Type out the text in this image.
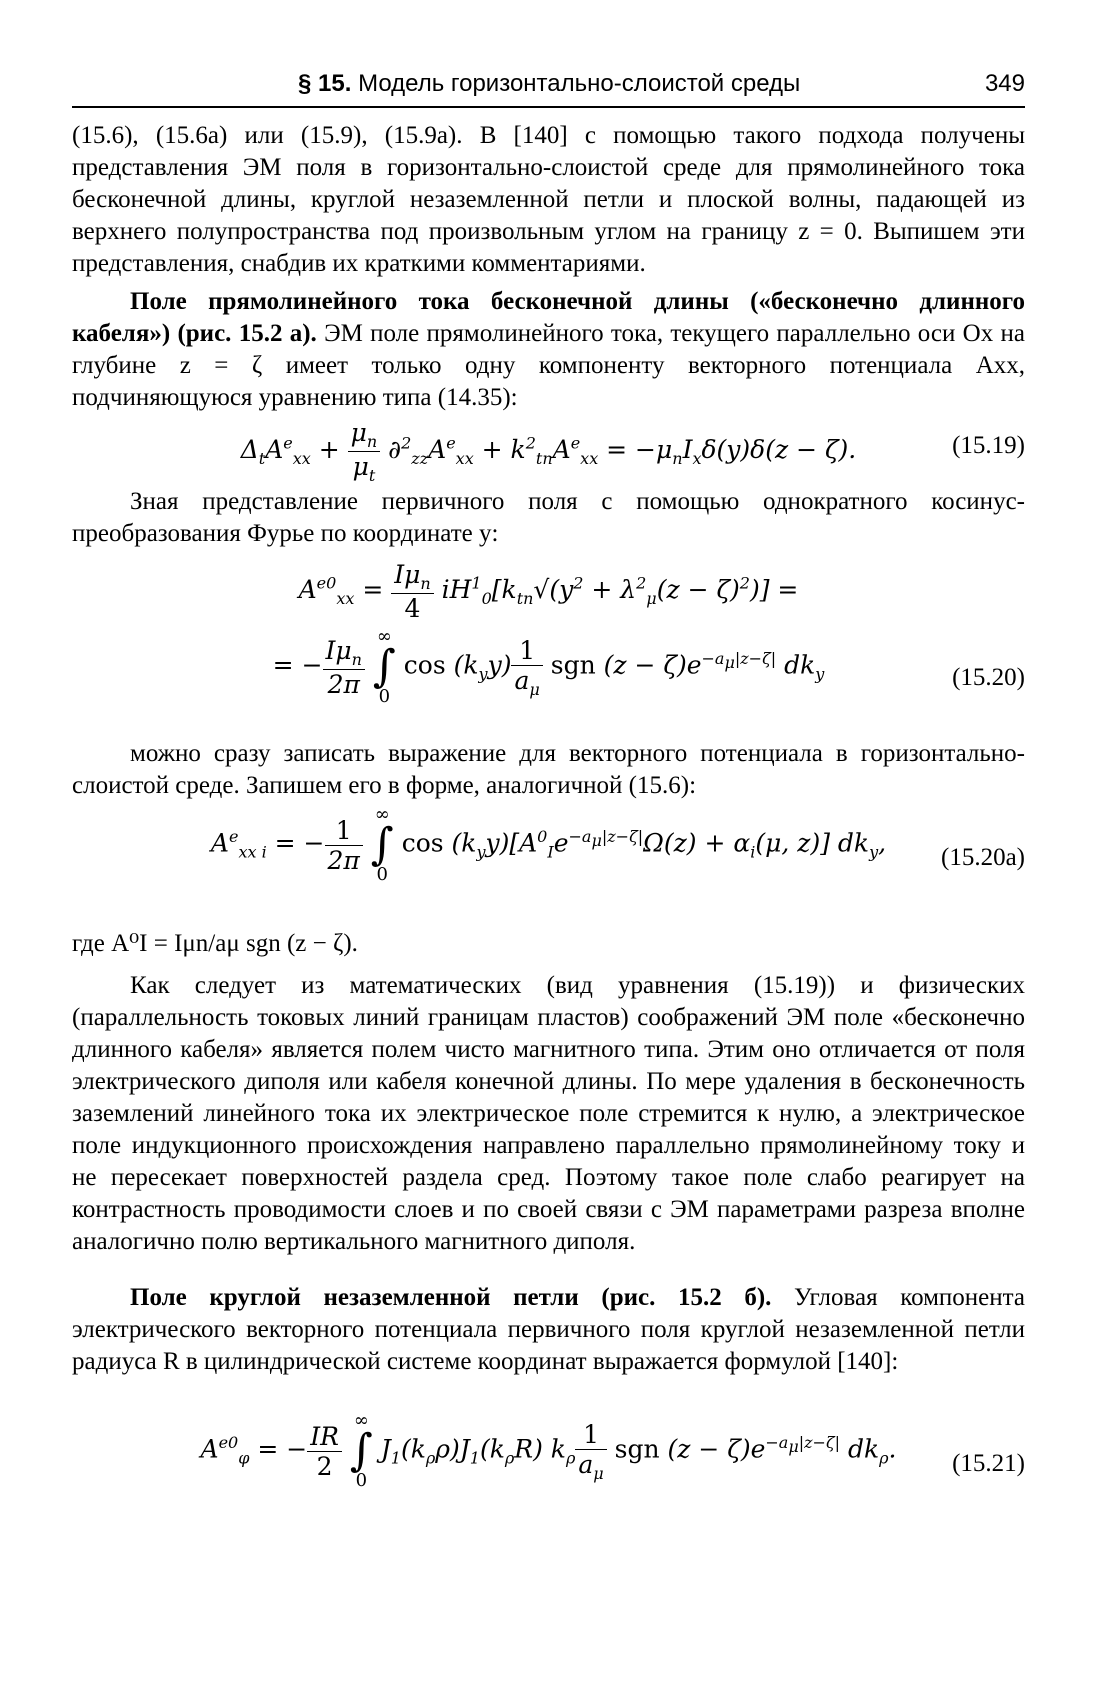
§ 15. Модель горизонтально-слоистой среды	349

(15.6), (15.6a) или (15.9), (15.9a). В [140] с помощью такого подхода получены представления ЭМ поля в горизонтально-слоистой среде для прямолинейного тока бесконечной длины, круглой незаземленной петли и плоской волны, падающей из верхнего полупространства под произвольным углом на границу z = 0. Выпишем эти представления, снабдив их краткими комментариями.

Поле прямолинейного тока бесконечной длины («бесконечно длинного кабеля») (рис. 15.2 а). ЭМ поле прямолинейного тока, текущего параллельно оси Ox на глубине z = ζ имеет только одну компоненту векторного потенциала Axx, подчиняющуюся уравнению типа (14.35):

$\Delta_tA^e_{xx} + \frac{\mu_n}{\mu_t} \partial^2_{zz}A^e_{xx} + k^2_{tn}A^e_{xx} = -\mu_nI_x\delta(y)\delta(z - \zeta)$.	(15.19)

Зная представление первичного поля с помощью однократного косинус-преобразования Фурье по координате y:

$A^{e0}_{xx} = \frac{I\mu_n}{4} iH^1_0[k_{tn}√(y^2 + \lambda^2_\mu(z - \zeta)^2)]$ =
= − $\frac{I\mu_n}{2\pi}$
∞
∫
0
$\cos (k_yy) \frac{1}{a_\mu}$ sgn $(z - \zeta)e^{-a_\mu|z-\zeta|}$ $dk_y$	(15.20)

можно сразу записать выражение для векторного потенциала в горизонтально-слоистой среде. Запишем его в форме, аналогичной (15.6):

$A^e_{xx i}$ = − $\frac{1}{2\pi}$

∞
∫
0
$\cos (k_yy)[A^0_Ie^{-a_\mu|z-\zeta|}\Omega(z) + \alpha_i(\mu$, z)] $dk_y$,	(15.20a)

где A⁰I = Iμn/aμ sgn (z − ζ).

Как следует из математических (вид уравнения (15.19)) и физических (параллельность токовых линий границам пластов) соображений ЭМ поле «бесконечно длинного кабеля» является полем чисто магнитного типа. Этим оно отличается от поля электрического диполя или кабеля конечной длины. По мере удаления в бесконечность заземлений линейного тока их электрическое поле стремится к нулю, а электрическое поле индукционного происхождения направлено параллельно прямолинейному току и не пересекает поверхностей раздела сред. Поэтому такое поле слабо реагирует на контрастность проводимости слоев и по своей связи с ЭМ параметрами разреза вполне аналогично полю вертикального магнитного диполя.

Поле круглой незаземленной петли (рис. 15.2 б). Угловая компонента электрического векторного потенциала первичного поля круглой незаземленной петли радиуса R в цилиндрической системе координат выражается формулой [140]:

$A^{e0}_\varphi$ = − $\frac{IR}{2}$

∞
∫
0
$J_1(k_\rho\rho)J_1(k_\rho R)$ $k_\rho \frac{1}{a_\mu}$ sgn $(z - \zeta)e^{-a_\mu|z-\zeta|}$ $dk_\rho$.	(15.21)
